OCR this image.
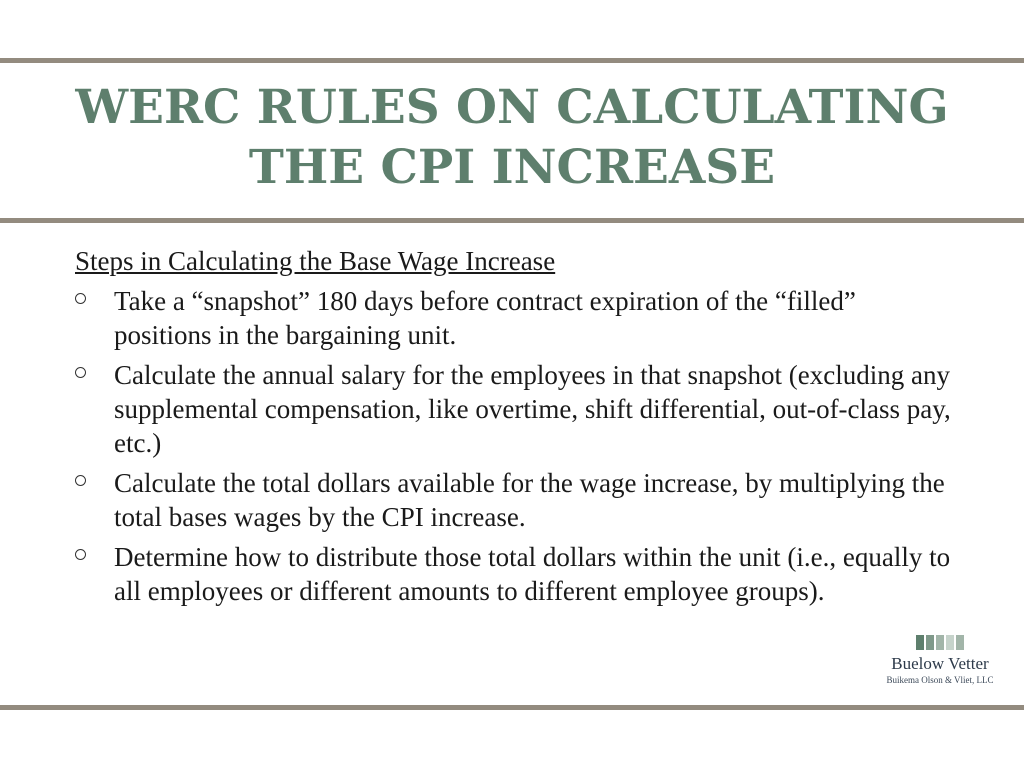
WERC RULES ON CALCULATING
THE CPI INCREASE
Steps in Calculating the Base Wage Increase
Take a “snapshot” 180 days before contract expiration of the “filled” positions in the bargaining unit.
Calculate the annual salary for the employees in that snapshot (excluding any supplemental compensation, like overtime, shift differential, out-of-class pay, etc.)
Calculate the total dollars available for the wage increase, by multiplying the total bases wages by the CPI increase.
Determine how to distribute those total dollars within the unit (i.e., equally to all employees or different amounts to different employee groups).
Buelow Vetter
Buikema Olson & Vliet, LLC
